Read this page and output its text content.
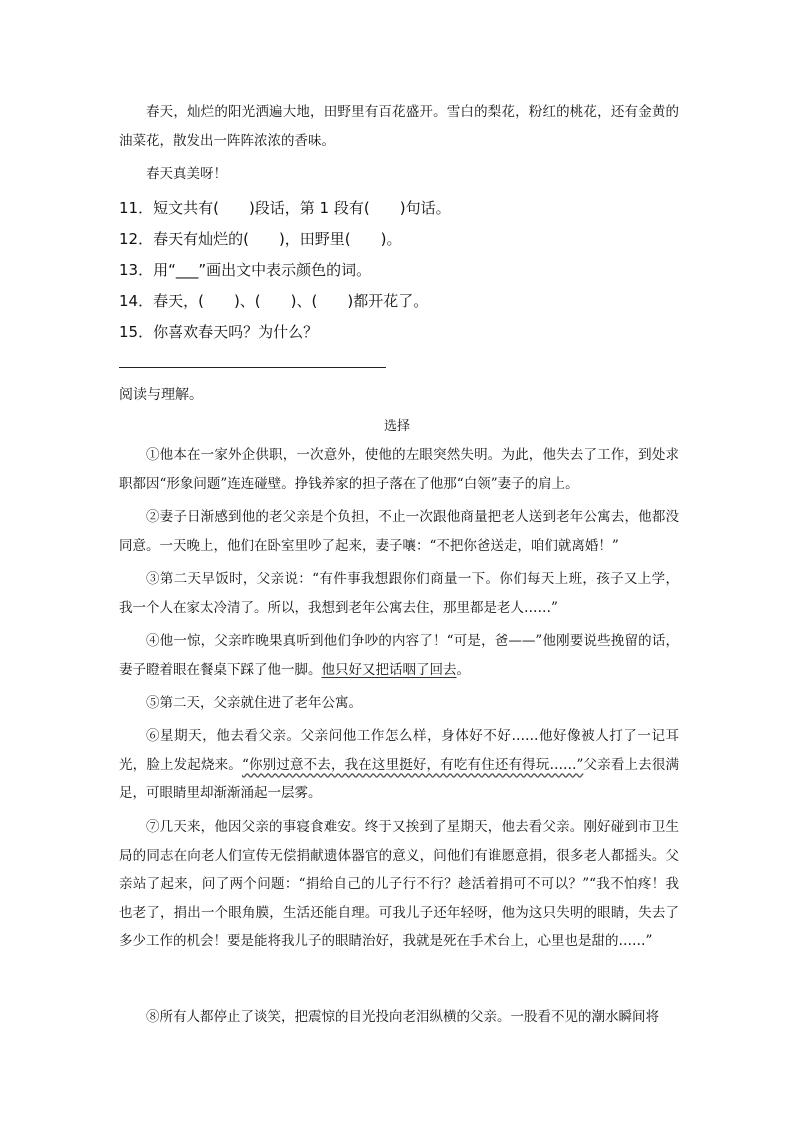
春天，灿烂的阳光洒遍大地，田野里有百花盛开。雪白的梨花，粉红的桃花，还有金黄的油菜花，散发出一阵阵浓浓的香味。

春天真美呀！

11．短文共有(　　)段话，第 1 段有(　　)句话。

12．春天有灿烂的(　　)，田野里(　　)。

13．用“___”画出文中表示颜色的词。

14．春天，(　　)、(　　)、(　　)都开花了。

15．你喜欢春天吗？为什么？

阅读与理解。

选择

①他本在一家外企供职，一次意外，使他的左眼突然失明。为此，他失去了工作，到处求职都因“形象问题”连连碰壁。挣钱养家的担子落在了他那“白领”妻子的肩上。

②妻子日渐感到他的老父亲是个负担，不止一次跟他商量把老人送到老年公寓去，他都没同意。一天晚上，他们在卧室里吵了起来，妻子嚷：“不把你爸送走，咱们就离婚！”

③第二天早饭时，父亲说：“有件事我想跟你们商量一下。你们每天上班，孩子又上学，我一个人在家太冷清了。所以，我想到老年公寓去住，那里都是老人……”

④他一惊，父亲昨晚果真听到他们争吵的内容了！“可是，爸——”他刚要说些挽留的话，妻子瞪着眼在餐桌下踩了他一脚。他只好又把话咽了回去。

⑤第二天，父亲就住进了老年公寓。

⑥星期天，他去看父亲。父亲问他工作怎么样，身体好不好……他好像被人打了一记耳光，脸上发起烧来。“你别过意不去，我在这里挺好，有吃有住还有得玩……”父亲看上去很满足，可眼睛里却渐渐涌起一层雾。

⑦几天来，他因父亲的事寝食难安。终于又挨到了星期天，他去看父亲。刚好碰到市卫生局的同志在向老人们宣传无偿捐献遗体器官的意义，问他们有谁愿意捐，很多老人都摇头。父亲站了起来，问了两个问题：“捐给自己的儿子行不行？趁活着捐可不可以？”“我不怕疼！我也老了，捐出一个眼角膜，生活还能自理。可我儿子还年轻呀，他为这只失明的眼睛，失去了多少工作的机会！要是能将我儿子的眼睛治好，我就是死在手术台上，心里也是甜的……”

⑧所有人都停止了谈笑，把震惊的目光投向老泪纵横的父亲。一股看不见的潮水瞬间将
